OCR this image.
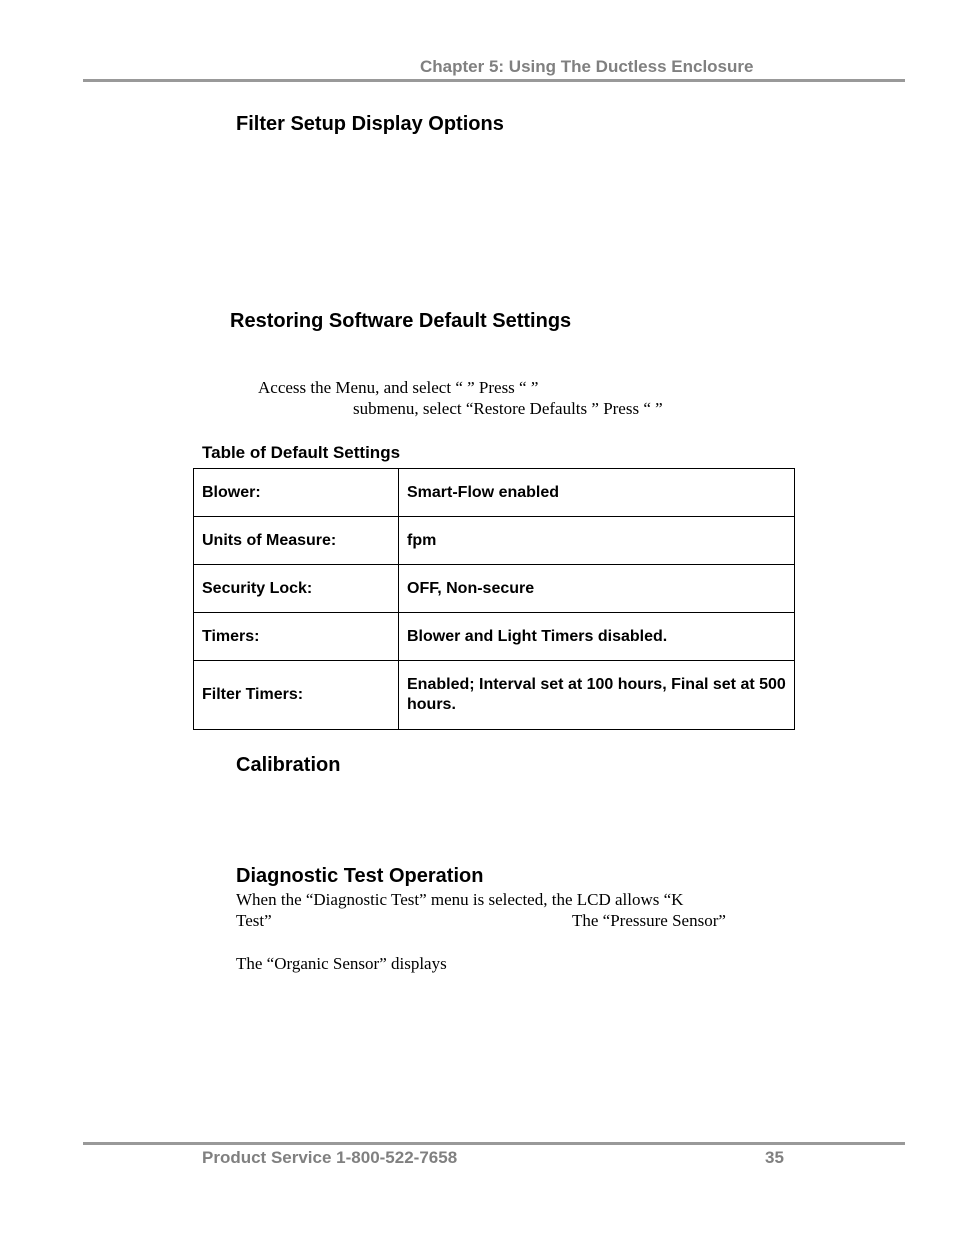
Chapter 5: Using The Ductless Enclosure
Filter Setup Display Options
Restoring Software Default Settings
Access the Menu, and select “ ” Press “ ”
submenu, select “Restore Defaults ” Press “ ”
Table of Default Settings
Blower:	Smart-Flow enabled
Units of Measure:	fpm
Security Lock:	OFF, Non-secure
Timers:	Blower and Light Timers disabled.
Filter Timers:	Enabled; Interval set at 100 hours, Final set at 500 hours.
Calibration
Diagnostic Test Operation
When the “Diagnostic Test” menu is selected, the LCD allows “K
Test”	The “Pressure Sensor”
The “Organic Sensor” displays
Product Service 1-800-522-7658	35
